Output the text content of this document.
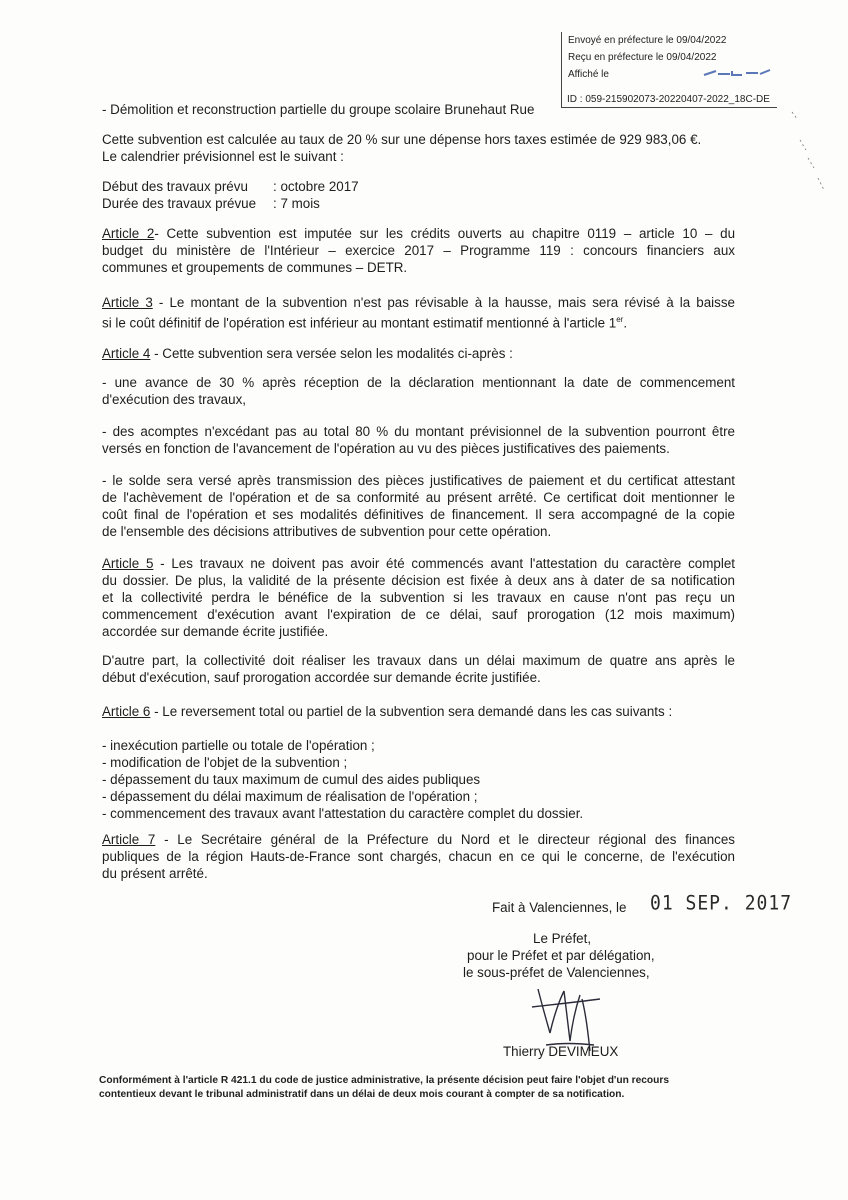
Envoyé en préfecture le 09/04/2022
Reçu en préfecture le 09/04/2022
Affiché le
ID : 059-215902073-20220407-2022_18C-DE
- Démolition et reconstruction partielle du groupe scolaire Brunehaut Rue
Cette subvention est calculée au taux de 20 % sur une dépense hors taxes estimée de 929 983,06 €.
Le calendrier prévisionnel est le suivant :
Début des travaux prévu : octobre 2017
Durée des travaux prévue : 7 mois
Article 2- Cette subvention est imputée sur les crédits ouverts au chapitre 0119 – article 10 – du
budget du ministère de l'Intérieur – exercice 2017 – Programme 119 : concours financiers aux
communes et groupements de communes – DETR.
Article 3 - Le montant de la subvention n'est pas révisable à la hausse, mais sera révisé à la baisse
si le coût définitif de l'opération est inférieur au montant estimatif mentionné à l'article 1er.
Article 4 - Cette subvention sera versée selon les modalités ci-après :
- une avance de 30 % après réception de la déclaration mentionnant la date de commencement
d'exécution des travaux,
- des acomptes n'excédant pas au total 80 % du montant prévisionnel de la subvention pourront être
versés en fonction de l'avancement de l'opération au vu des pièces justificatives des paiements.
- le solde sera versé après transmission des pièces justificatives de paiement et du certificat attestant
de l'achèvement de l'opération et de sa conformité au présent arrêté. Ce certificat doit mentionner le
coût final de l'opération et ses modalités définitives de financement. Il sera accompagné de la copie
de l'ensemble des décisions attributives de subvention pour cette opération.
Article 5 - Les travaux ne doivent pas avoir été commencés avant l'attestation du caractère complet
du dossier. De plus, la validité de la présente décision est fixée à deux ans à dater de sa notification
et la collectivité perdra le bénéfice de la subvention si les travaux en cause n'ont pas reçu un
commencement d'exécution avant l'expiration de ce délai, sauf prorogation (12 mois maximum)
accordée sur demande écrite justifiée.
D'autre part, la collectivité doit réaliser les travaux dans un délai maximum de quatre ans après le
début d'exécution, sauf prorogation accordée sur demande écrite justifiée.
Article 6 - Le reversement total ou partiel de la subvention sera demandé dans les cas suivants :
- inexécution partielle ou totale de l'opération ;
- modification de l'objet de la subvention ;
- dépassement du taux maximum de cumul des aides publiques
- dépassement du délai maximum de réalisation de l'opération ;
- commencement des travaux avant l'attestation du caractère complet du dossier.
Article 7 - Le Secrétaire général de la Préfecture du Nord et le directeur régional des finances
publiques de la région Hauts-de-France sont chargés, chacun en ce qui le concerne, de l'exécution
du présent arrêté.
Fait à Valenciennes, le 01 SEP. 2017
Le Préfet,
pour le Préfet et par délégation,
le sous-préfet de Valenciennes,
Thierry DEVIMEUX
Conformément à l'article R 421.1 du code de justice administrative, la présente décision peut faire l'objet d'un recours
contentieux devant le tribunal administratif dans un délai de deux mois courant à compter de sa notification.
